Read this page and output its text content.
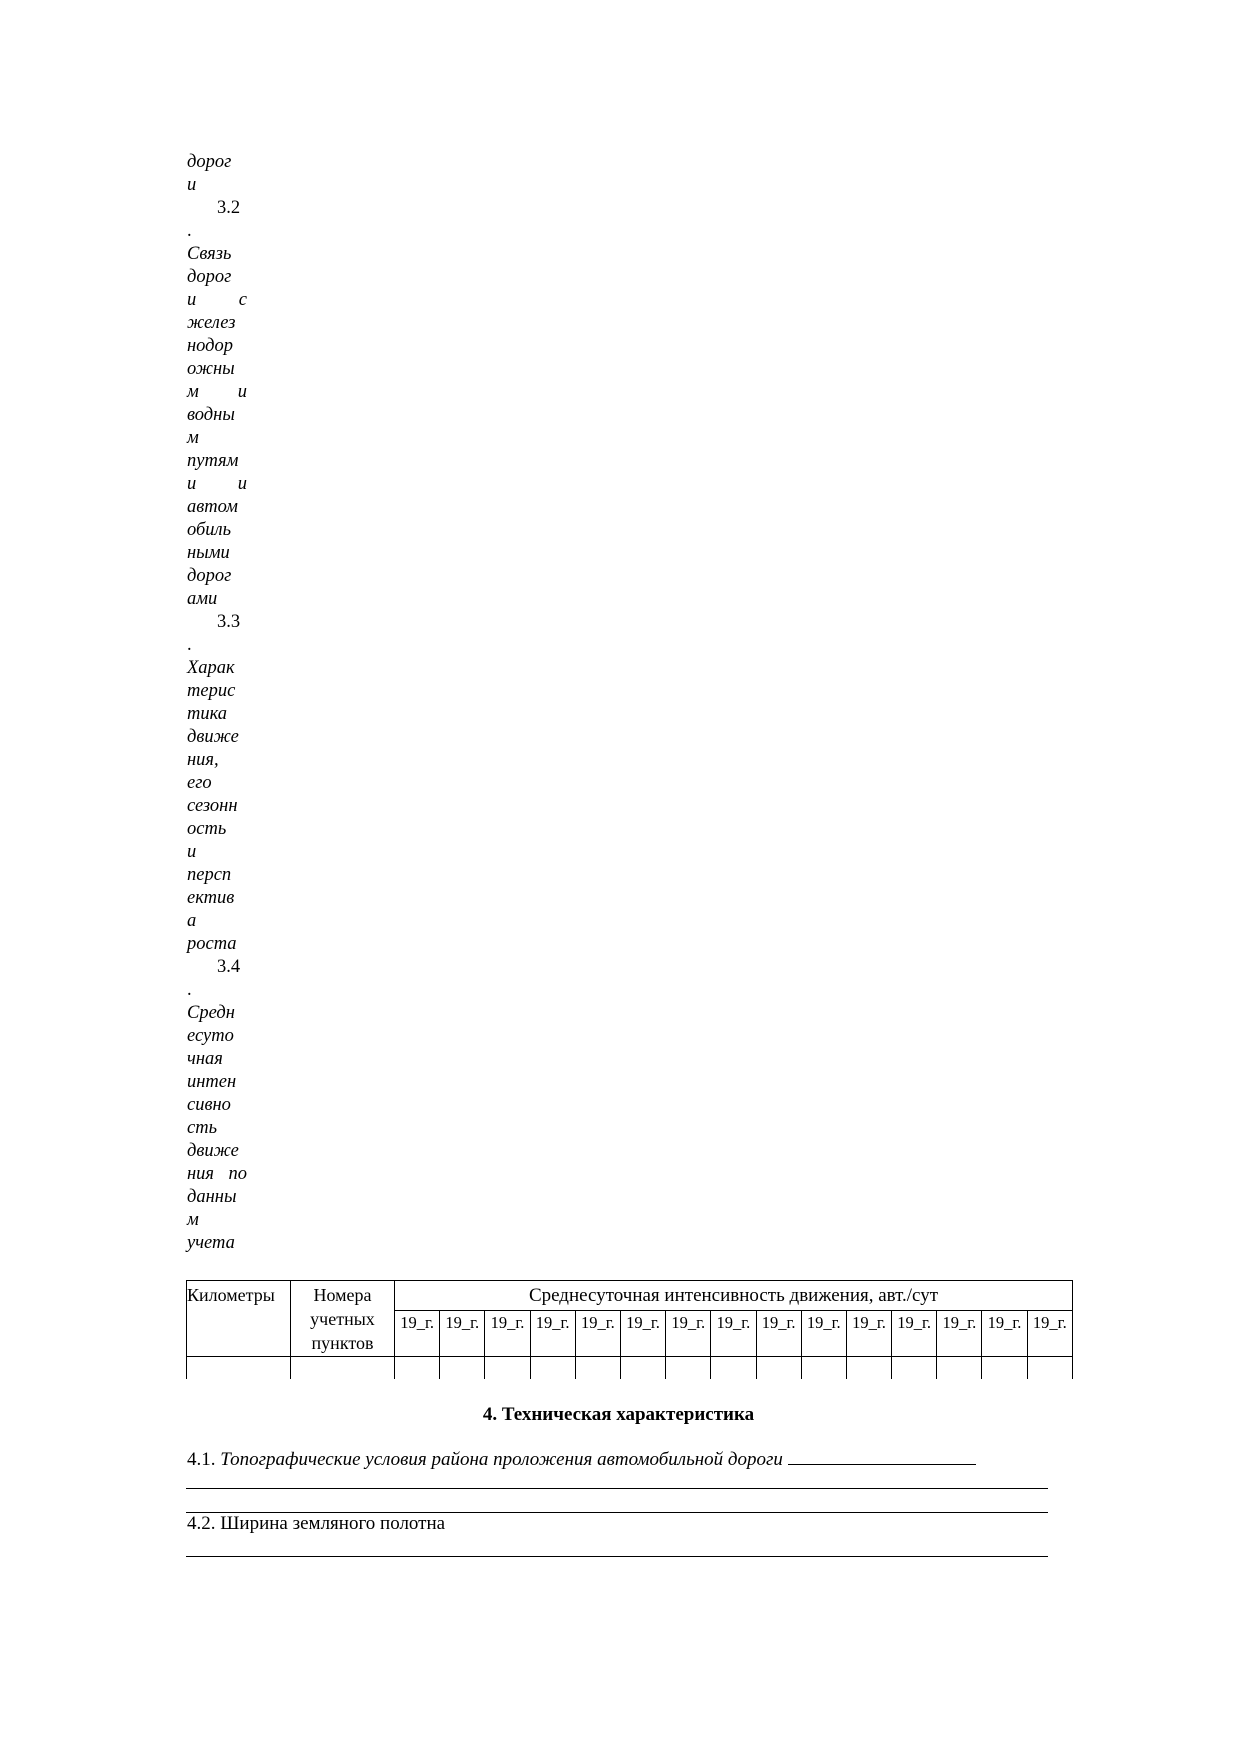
дорог
и
3.2
.
Связь
дорог
и с
желез
нодор
ожны
м и
водны
м
путям
и и
автом
обиль
ными
дорог
ами
3.3
.
Харак
терис
тика
движе
ния,
его
сезонн
ость
и
персп
ектив
а
роста
3.4
.
Средн
есуто
чная
интен
сивно
сть
движе
ния по
данны
м
учета
Километры	Номера
учетных
пунктов	Среднесуточная интенсивность движения, авт./сут														
		19_г.	19_г.	19_г.	19_г.	19_г.	19_г.	19_г.	19_г.	19_г.	19_г.	19_г.	19_г.	19_г.	19_г.	19_г.

4. Техническая характеристика
4.1. Топографические условия района проложения автомобильной дороги
4.2. Ширина земляного полотна
